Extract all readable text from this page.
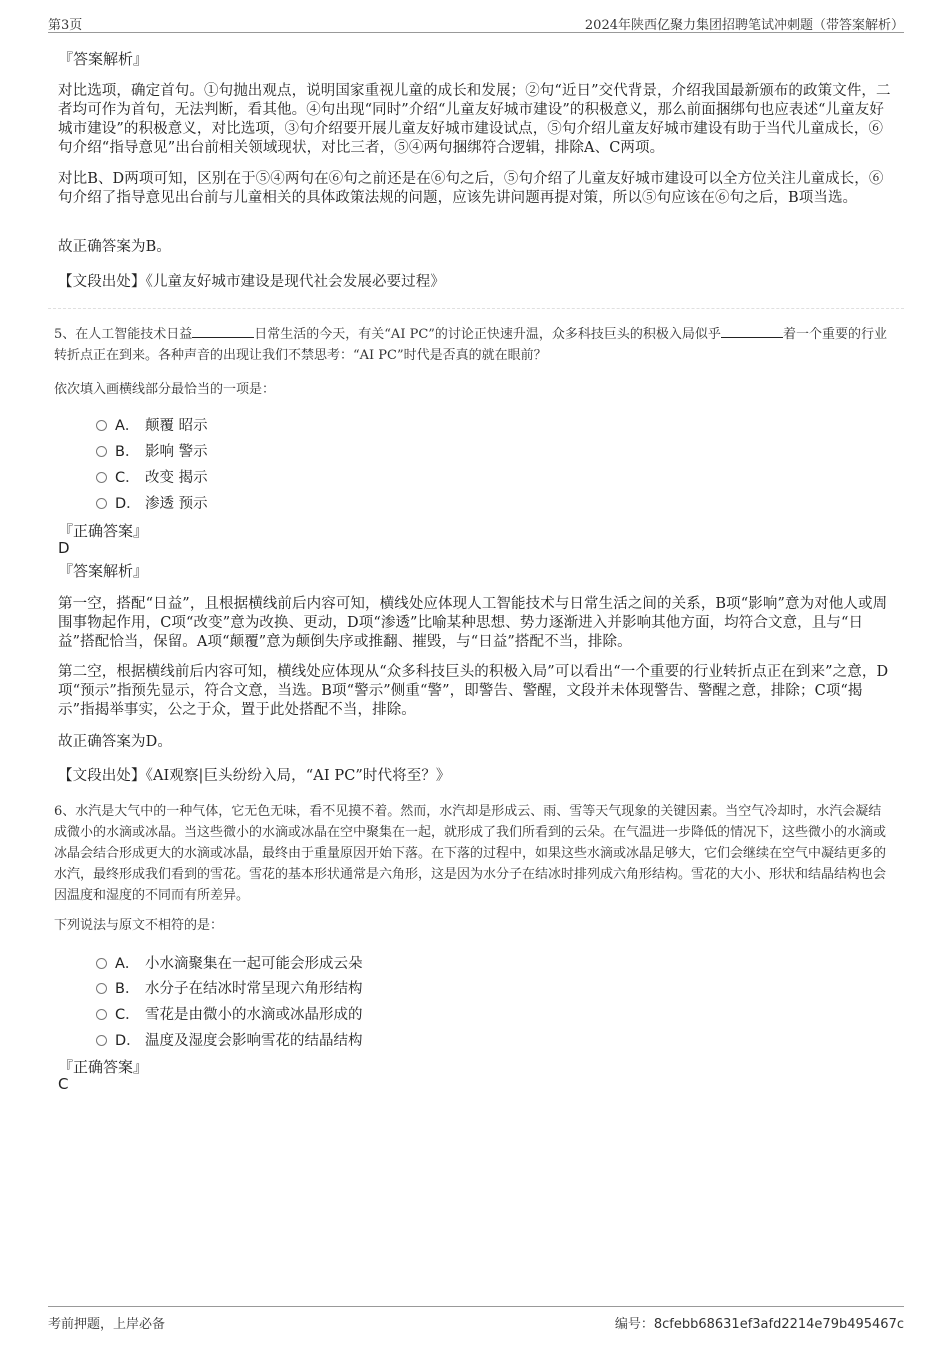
第3页	2024年陕西亿聚力集团招聘笔试冲刺题（带答案解析）
『答案解析』
对比选项，确定首句。①句抛出观点，说明国家重视儿童的成长和发展；②句“近日”交代背景，介绍我国最新颁布的政策文件，二者均可作为首句，无法判断，看其他。④句出现“同时”介绍“儿童友好城市建设”的积极意义，那么前面捆绑句也应表述“儿童友好城市建设”的积极意义，对比选项，③句介绍要开展儿童友好城市建设试点，⑤句介绍儿童友好城市建设有助于当代儿童成长，⑥句介绍“指导意见”出台前相关领域现状，对比三者，⑤④两句捆绑符合逻辑，排除A、C两项。
对比B、D两项可知，区别在于⑤④两句在⑥句之前还是在⑥句之后，⑤句介绍了儿童友好城市建设可以全方位关注儿童成长，⑥句介绍了指导意见出台前与儿童相关的具体政策法规的问题，应该先讲问题再提对策，所以⑤句应该在⑥句之后，B项当选。
故正确答案为B。
【文段出处】《儿童友好城市建设是现代社会发展必要过程》
5、在人工智能技术日益	日常生活的今天，有关“AI PC”的讨论正快速升温，众多科技巨头的积极入局似乎	着一个重要的行业转折点正在到来。各种声音的出现让我们不禁思考：“AI PC”时代是否真的就在眼前？
依次填入画横线部分最恰当的一项是：
A． 颠覆 昭示
B． 影响 警示
C． 改变 揭示
D． 渗透 预示
『正确答案』
D
『答案解析』
第一空，搭配“日益”，且根据横线前后内容可知，横线处应体现人工智能技术与日常生活之间的关系，B项“影响”意为对他人或周围事物起作用，C项“改变”意为改换、更动，D项“渗透”比喻某种思想、势力逐渐进入并影响其他方面，均符合文意，且与“日益”搭配恰当，保留。A项“颠覆”意为颠倒失序或推翻、摧毁，与“日益”搭配不当，排除。
第二空，根据横线前后内容可知，横线处应体现从“众多科技巨头的积极入局”可以看出“一个重要的行业转折点正在到来”之意，D项“预示”指预先显示，符合文意，当选。B项“警示”侧重“警”，即警告、警醒，文段并未体现警告、警醒之意，排除；C项“揭示”指揭举事实，公之于众，置于此处搭配不当，排除。
故正确答案为D。
【文段出处】《AI观察|巨头纷纷入局，“AI PC”时代将至？》
6、水汽是大气中的一种气体，它无色无味，看不见摸不着。然而，水汽却是形成云、雨、雪等天气现象的关键因素。当空气冷却时，水汽会凝结成微小的水滴或冰晶。当这些微小的水滴或冰晶在空中聚集在一起，就形成了我们所看到的云朵。在气温进一步降低的情况下，这些微小的水滴或冰晶会结合形成更大的水滴或冰晶，最终由于重量原因开始下落。在下落的过程中，如果这些水滴或冰晶足够大，它们会继续在空气中凝结更多的水汽，最终形成我们看到的雪花。雪花的基本形状通常是六角形，这是因为水分子在结冰时排列成六角形结构。雪花的大小、形状和结晶结构也会因温度和湿度的不同而有所差异。
下列说法与原文不相符的是：
A． 小水滴聚集在一起可能会形成云朵
B． 水分子在结冰时常呈现六角形结构
C． 雪花是由微小的水滴或冰晶形成的
D． 温度及湿度会影响雪花的结晶结构
『正确答案』
C
考前押题，上岸必备	编号：8cfebb68631ef3afd2214e79b495467c
